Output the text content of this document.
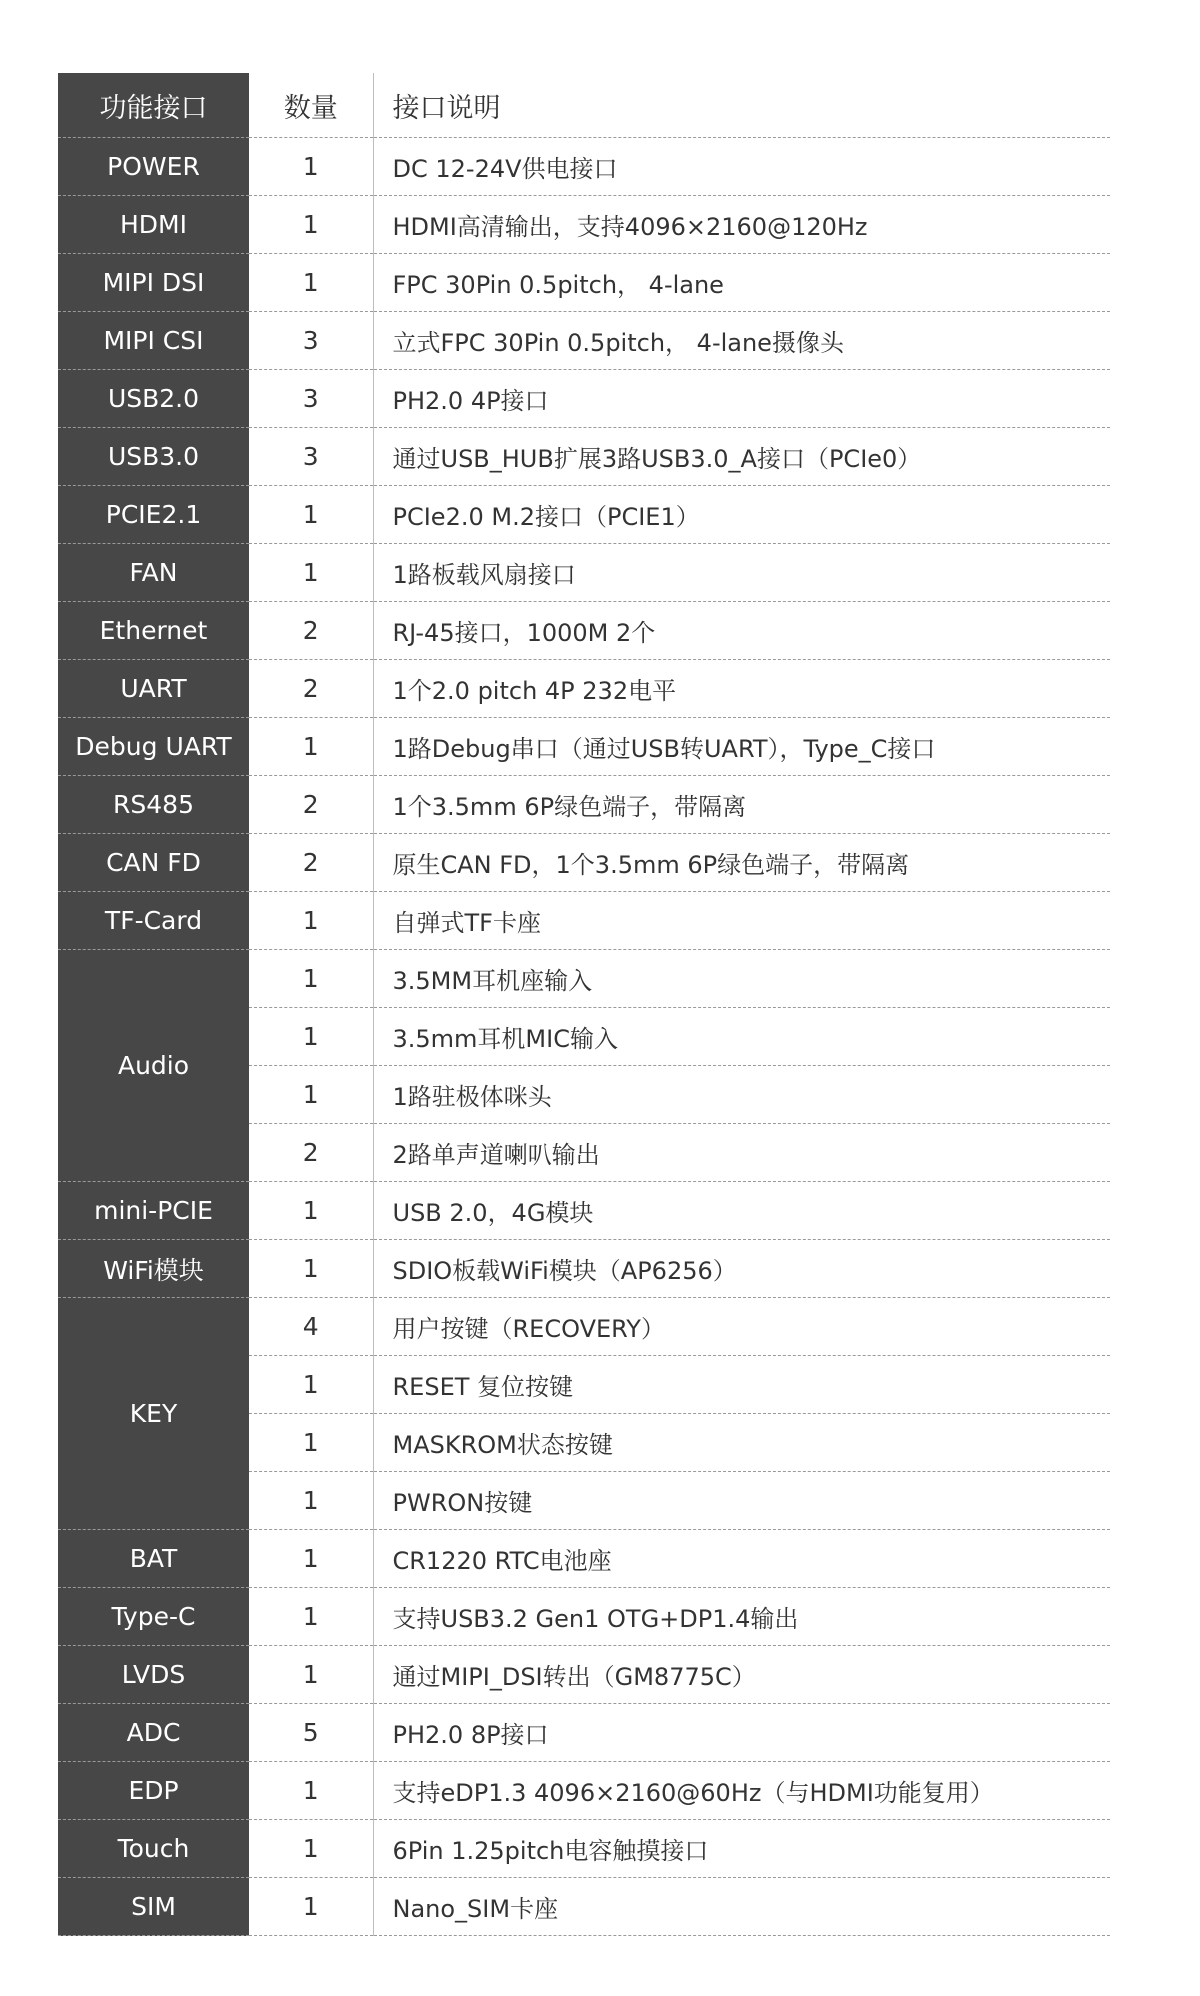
功能接口	数量	接口说明
POWER	1	DC 12-24V供电接口
HDMI	1	HDMI高清输出，支持4096×2160@120Hz
MIPI DSI	1	FPC 30Pin 0.5pitch， 4-lane
MIPI CSI	3	立式FPC 30Pin 0.5pitch， 4-lane摄像头
USB2.0	3	PH2.0 4P接口
USB3.0	3	通过USB_HUB扩展3路USB3.0_A接口（PCIe0）
PCIE2.1	1	PCIe2.0 M.2接口（PCIE1）
FAN	1	1路板载风扇接口
Ethernet	2	RJ-45接口，1000M 2个
UART	2	1个2.0 pitch 4P 232电平
Debug UART	1	1路Debug串口（通过USB转UART），Type_C接口
RS485	2	1个3.5mm 6P绿色端子，带隔离
CAN FD	2	原生CAN FD，1个3.5mm 6P绿色端子，带隔离
TF-Card	1	自弹式TF卡座
Audio	1	3.5MM耳机座输入
	1	3.5mm耳机MIC输入
	1	1路驻极体咪头
	2	2路单声道喇叭输出
mini-PCIE	1	USB 2.0，4G模块
WiFi模块	1	SDIO板载WiFi模块（AP6256）
KEY	4	用户按键（RECOVERY）
	1	RESET 复位按键
	1	MASKROM状态按键
	1	PWRON按键
BAT	1	CR1220 RTC电池座
Type-C	1	支持USB3.2 Gen1 OTG+DP1.4输出
LVDS	1	通过MIPI_DSI转出（GM8775C）
ADC	5	PH2.0 8P接口
EDP	1	支持eDP1.3 4096×2160@60Hz（与HDMI功能复用）
Touch	1	6Pin 1.25pitch电容触摸接口
SIM	1	Nano_SIM卡座
